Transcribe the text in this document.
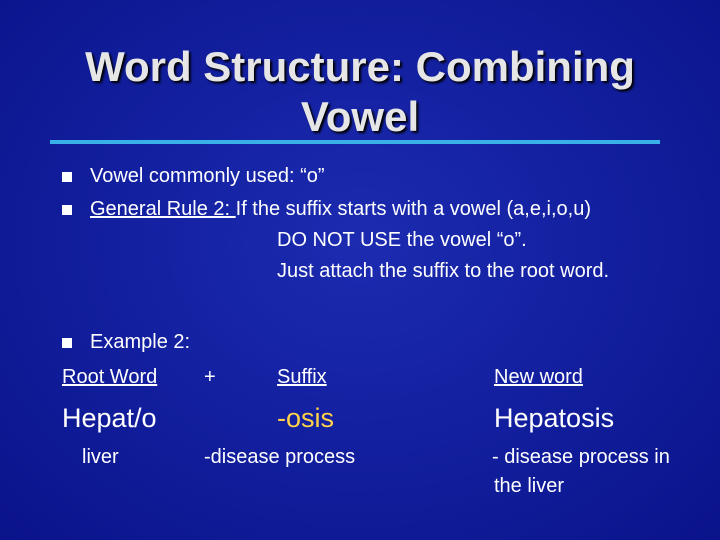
Word Structure: Combining
Vowel
Vowel commonly used: “o”
General Rule 2: If the suffix starts with a vowel (a,e,i,o,u)
DO NOT USE the vowel “o”.
Just attach the suffix to the root word.
Example 2:
Root Word +	Suffix	New word
Hepat/o	-osis	Hepatosis
liver	-disease process	- disease process in
the liver
